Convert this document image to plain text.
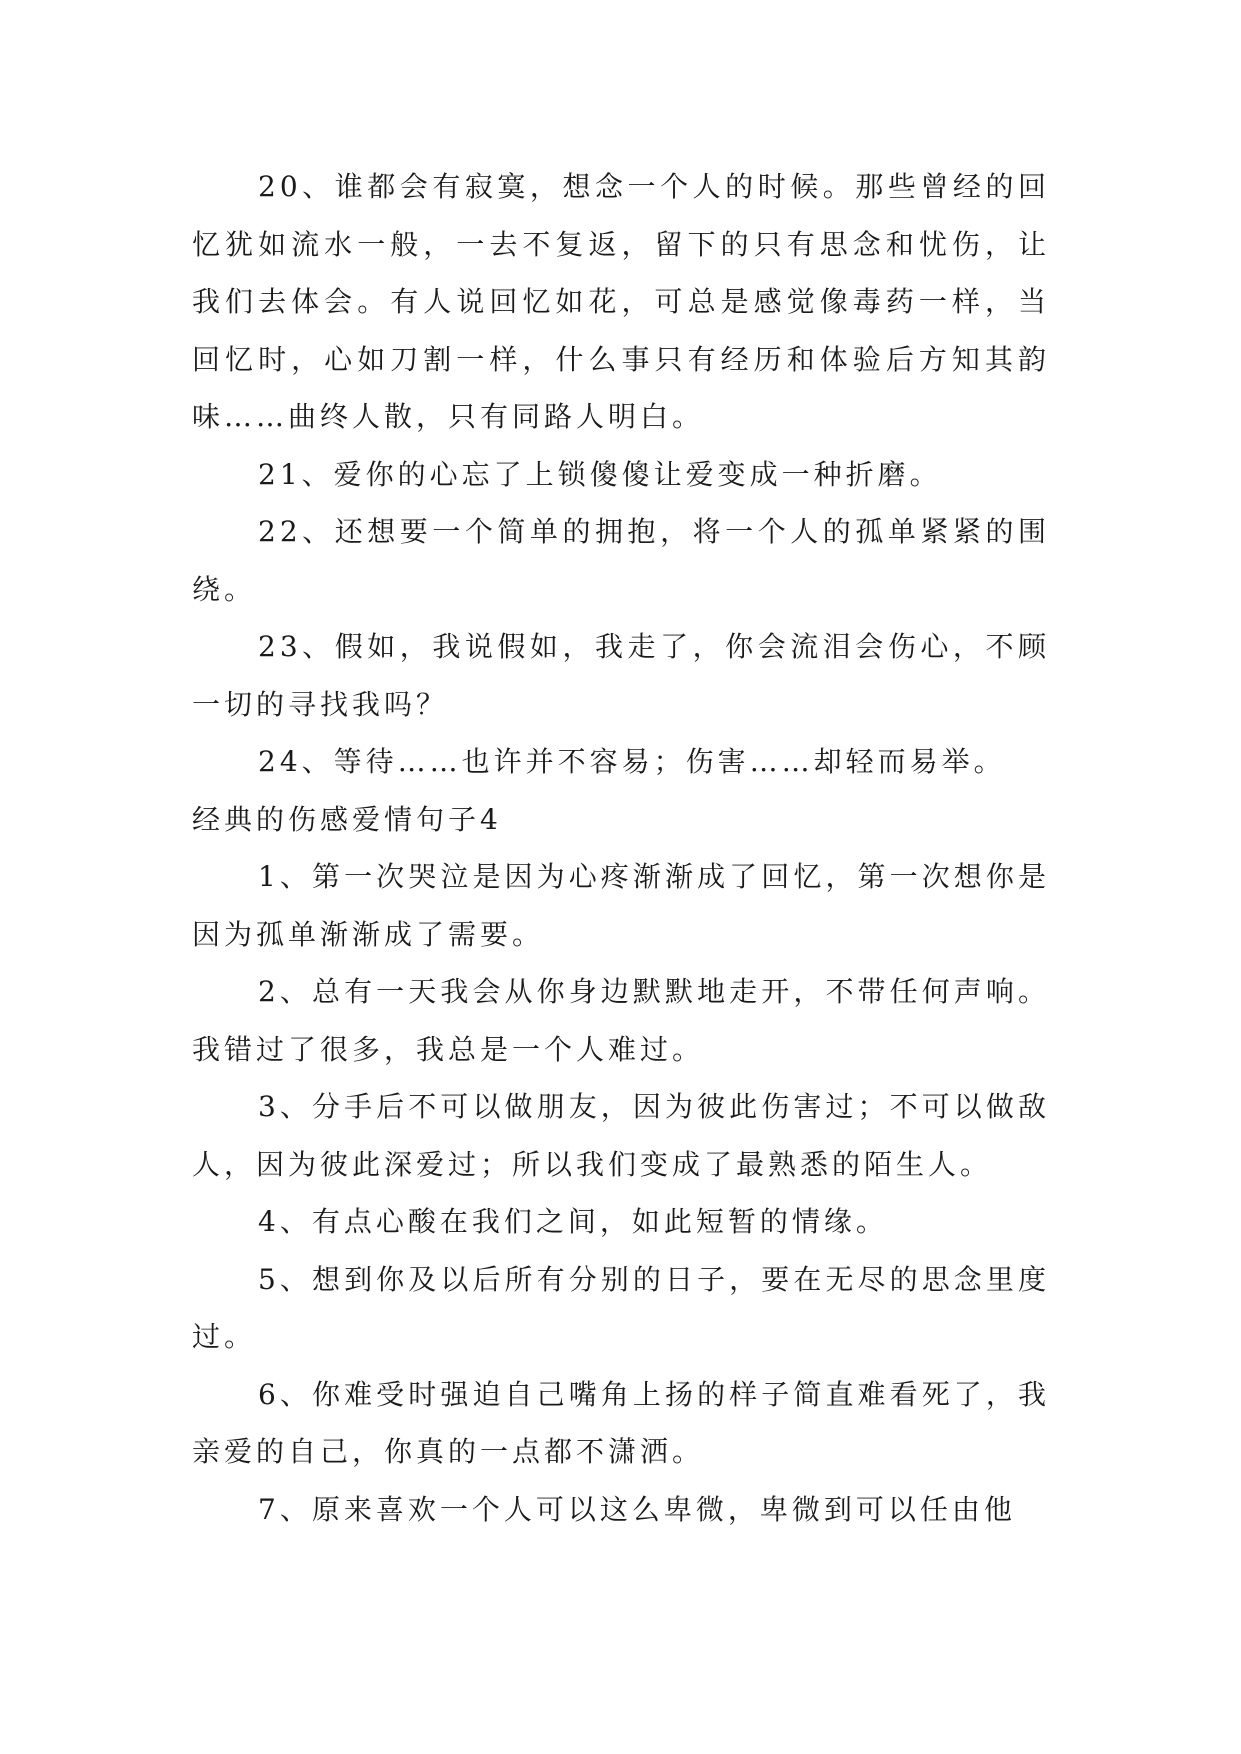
20、谁都会有寂寞，想念一个人的时候。那些曾经的回忆犹如流水一般，一去不复返，留下的只有思念和忧伤，让我们去体会。有人说回忆如花，可总是感觉像毒药一样，当回忆时，心如刀割一样，什么事只有经历和体验后方知其韵味……曲终人散，只有同路人明白。

21、爱你的心忘了上锁傻傻让爱变成一种折磨。

22、还想要一个简单的拥抱，将一个人的孤单紧紧的围绕。

23、假如，我说假如，我走了，你会流泪会伤心，不顾一切的寻找我吗？

24、等待……也许并不容易；伤害……却轻而易举。

经典的伤感爱情句子4

1、第一次哭泣是因为心疼渐渐成了回忆，第一次想你是因为孤单渐渐成了需要。

2、总有一天我会从你身边默默地走开，不带任何声响。我错过了很多，我总是一个人难过。

3、分手后不可以做朋友，因为彼此伤害过；不可以做敌人，因为彼此深爱过；所以我们变成了最熟悉的陌生人。

4、有点心酸在我们之间，如此短暂的情缘。

5、想到你及以后所有分别的日子，要在无尽的思念里度过。

6、你难受时强迫自己嘴角上扬的样子简直难看死了，我亲爱的自己，你真的一点都不潇洒。

7、原来喜欢一个人可以这么卑微，卑微到可以任由他
